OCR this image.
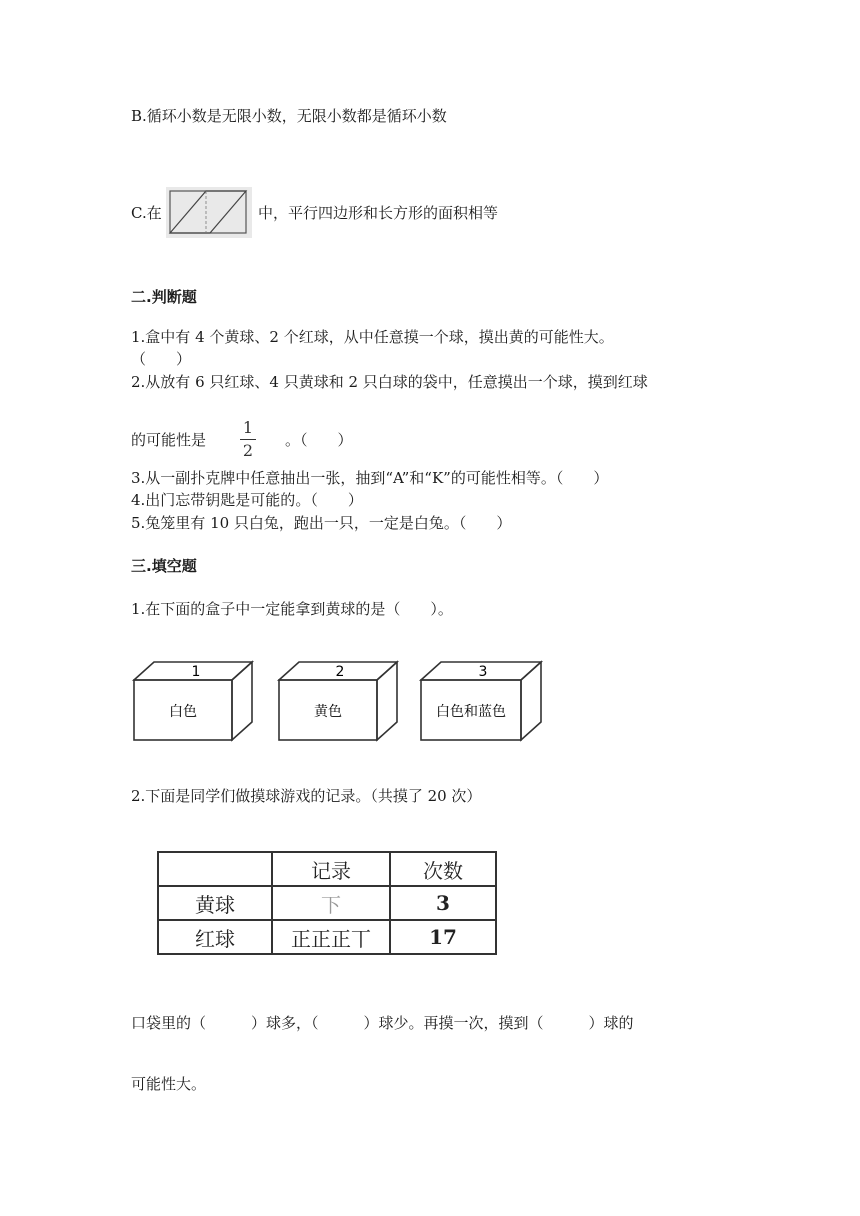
B.循环小数是无限小数，无限小数都是循环小数
C.在	中，平行四边形和长方形的面积相等
二.判断题
1.盒中有 4 个黄球、2 个红球，从中任意摸一个球，摸出黄的可能性大。
（　　）
2.从放有 6 只红球、4 只黄球和 2 只白球的袋中，任意摸出一个球，摸到红球
的可能性是
1
2
。（　　）
3.从一副扑克牌中任意抽出一张，抽到“A”和“K”的可能性相等。（　　）
4.出门忘带钥匙是可能的。（　　）
5.兔笼里有 10 只白兔，跑出一只，一定是白兔。（　　）
三.填空题
1.在下面的盒子中一定能拿到黄球的是（　　）。
1
白色
2
黄色
3
白色和蓝色
2.下面是同学们做摸球游戏的记录。（共摸了 20 次）
	记录	次数
黄球	下	3
红球	正正正丅	17
口袋里的（　　　）球多，（　　　）球少。再摸一次，摸到（　　　）球的
可能性大。
